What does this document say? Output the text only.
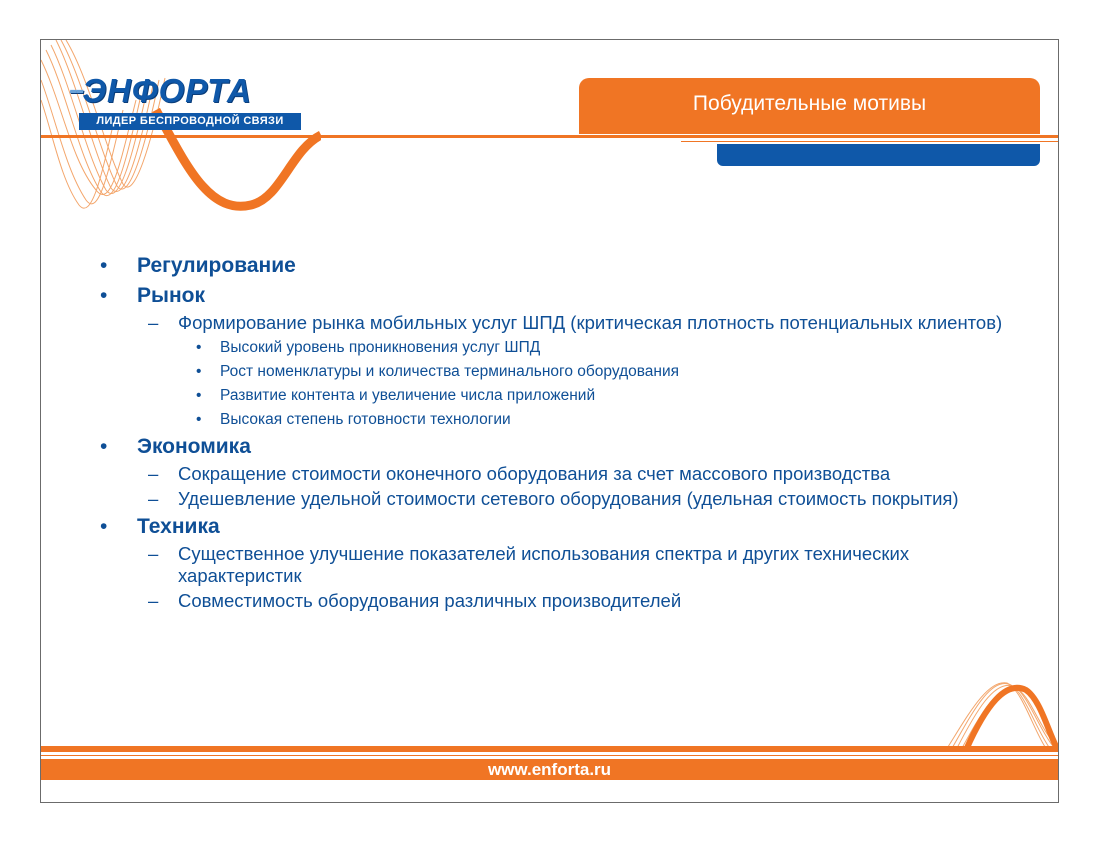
--ЭНФОРТА
ЛИДЕР БЕСПРОВОДНОЙ СВЯЗИ
Побудительные мотивы
• Регулирование
• Рынок
– Формирование рынка мобильных услуг ШПД (критическая плотность потенциальных клиентов)
• Высокий уровень проникновения услуг ШПД
• Рост номенклатуры и количества терминального оборудования
• Развитие контента и увеличение числа приложений
• Высокая степень готовности технологии
• Экономика
– Сокращение стоимости оконечного оборудования за счет массового производства
– Удешевление удельной стоимости сетевого оборудования (удельная стоимость покрытия)
• Техника
– Существенное улучшение показателей использования спектра и других технических характеристик
– Совместимость оборудования различных производителей
www.enforta.ru
